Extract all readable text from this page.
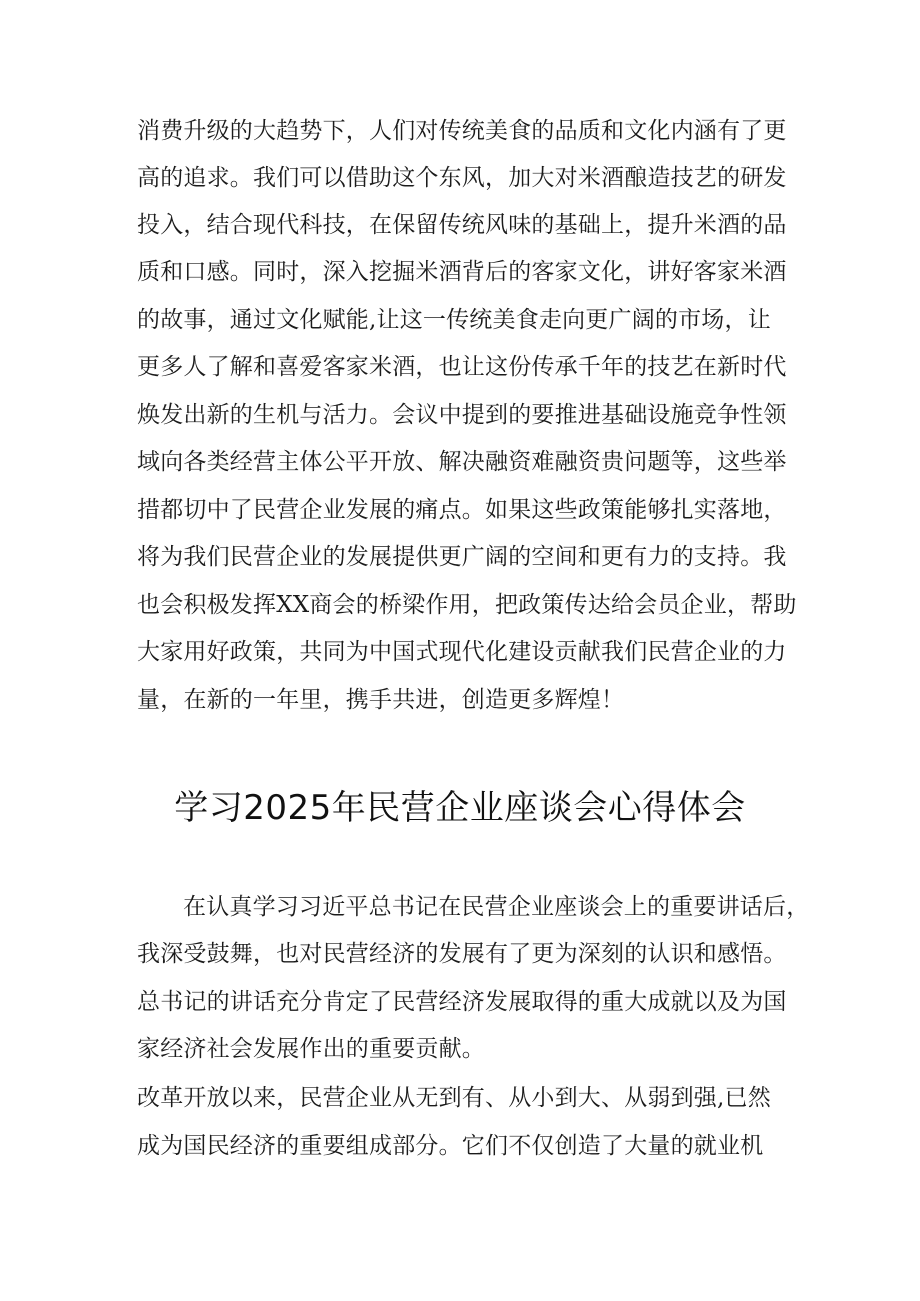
消费升级的大趋势下，人们对传统美食的品质和文化内涵有了更
高的追求。我们可以借助这个东风，加大对米酒酿造技艺的研发
投入，结合现代科技，在保留传统风味的基础上，提升米酒的品
质和口感。同时，深入挖掘米酒背后的客家文化，讲好客家米酒
的故事，通过文化赋能,让这一传统美食走向更广阔的市场，让
更多人了解和喜爱客家米酒，也让这份传承千年的技艺在新时代
焕发出新的生机与活力。会议中提到的要推进基础设施竞争性领
域向各类经营主体公平开放、解决融资难融资贵问题等，这些举
措都切中了民营企业发展的痛点。如果这些政策能够扎实落地，
将为我们民营企业的发展提供更广阔的空间和更有力的支持。我
也会积极发挥XX商会的桥梁作用，把政策传达给会员企业，帮助
大家用好政策，共同为中国式现代化建设贡献我们民营企业的力
量，在新的一年里，携手共进，创造更多辉煌！
学习2025年民营企业座谈会心得体会
在认真学习习近平总书记在民营企业座谈会上的重要讲话后，
我深受鼓舞，也对民营经济的发展有了更为深刻的认识和感悟。
总书记的讲话充分肯定了民营经济发展取得的重大成就以及为国
家经济社会发展作出的重要贡献。
改革开放以来，民营企业从无到有、从小到大、从弱到强,已然
成为国民经济的重要组成部分。它们不仅创造了大量的就业机
